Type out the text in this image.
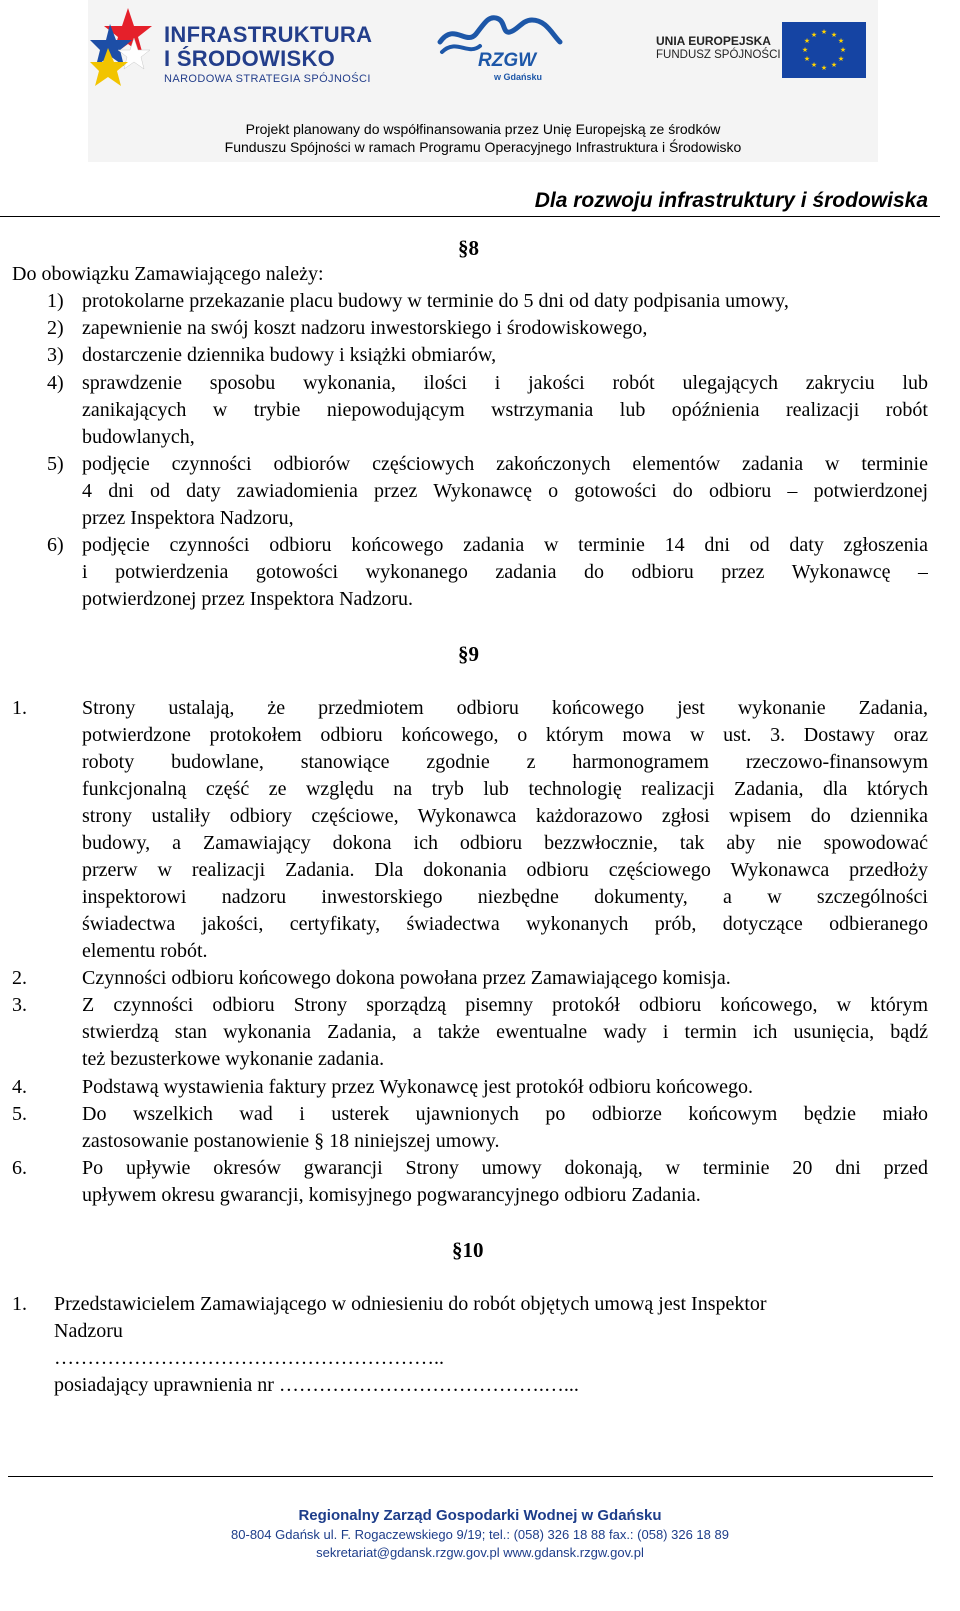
INFRASTRUKTURA
I ŚRODOWISKO
NARODOWA STRATEGIA SPÓJNOŚCI
RZGW
w Gdańsku
UNIA EUROPEJSKA
FUNDUSZ SPÓJNOŚCI
★ ★
★
★
★
★
★
★
★
★
★
★
Projekt planowany do współfinansowania przez Unię Europejską ze środków
Funduszu Spójności w ramach Programu Operacyjnego Infrastruktura i Środowisko
Dla rozwoju infrastruktury i środowiska
§8
Do obowiązku Zamawiającego należy:
1) protokolarne przekazanie placu budowy w terminie do 5 dni od daty podpisania umowy,
2) zapewnienie na swój koszt nadzoru inwestorskiego i środowiskowego,
3) dostarczenie dziennika budowy i książki obmiarów,
4) sprawdzenie sposobu wykonania, ilości i jakości robót ulegających zakryciu lub
zanikających w trybie niepowodującym wstrzymania lub opóźnienia realizacji robót
budowlanych,
5) podjęcie czynności odbiorów częściowych zakończonych elementów zadania w terminie
4 dni od daty zawiadomienia przez Wykonawcę o gotowości do odbioru – potwierdzonej
przez Inspektora Nadzoru,
6) podjęcie czynności odbioru końcowego zadania w terminie 14 dni od daty zgłoszenia
i potwierdzenia gotowości wykonanego zadania do odbioru przez Wykonawcę –
potwierdzonej przez Inspektora Nadzoru.
§9
1.	Strony ustalają, że przedmiotem odbioru końcowego jest wykonanie Zadania,
potwierdzone protokołem odbioru końcowego, o którym mowa w ust. 3. Dostawy oraz
roboty budowlane, stanowiące zgodnie z harmonogramem rzeczowo-finansowym
funkcjonalną część ze względu na tryb lub technologię realizacji Zadania, dla których
strony ustaliły odbiory częściowe, Wykonawca każdorazowo zgłosi wpisem do dziennika
budowy, a Zamawiający dokona ich odbioru bezzwłocznie, tak aby nie spowodować
przerw w realizacji Zadania. Dla dokonania odbioru częściowego Wykonawca przedłoży
inspektorowi nadzoru inwestorskiego niezbędne dokumenty, a w szczególności
świadectwa jakości, certyfikaty, świadectwa wykonanych prób, dotyczące odbieranego
elementu robót.
2.	Czynności odbioru końcowego dokona powołana przez Zamawiającego komisja.
3.	Z czynności odbioru Strony sporządzą pisemny protokół odbioru końcowego, w którym
stwierdzą stan wykonania Zadania, a także ewentualne wady i termin ich usunięcia, bądź
też bezusterkowe wykonanie zadania.
4.	Podstawą wystawienia faktury przez Wykonawcę jest protokół odbioru końcowego.
5.	Do wszelkich wad i usterek ujawnionych po odbiorze końcowym będzie miało
zastosowanie postanowienie § 18 niniejszej umowy.
6.	Po upływie okresów gwarancji Strony umowy dokonają, w terminie 20 dni przed
upływem okresu gwarancji, komisyjnego pogwarancyjnego odbioru Zadania.
§10
1. Przedstawicielem Zamawiającego w odniesieniu do robót objętych umową jest Inspektor
Nadzoru
…………………………………………………..
posiadający uprawnienia nr ………………………………….…...
Regionalny Zarząd Gospodarki Wodnej w Gdańsku
80-804 Gdańsk ul. F. Rogaczewskiego 9/19; tel.: (058) 326 18 88 fax.: (058) 326 18 89
sekretariat@gdansk.rzgw.gov.pl www.gdansk.rzgw.gov.pl
